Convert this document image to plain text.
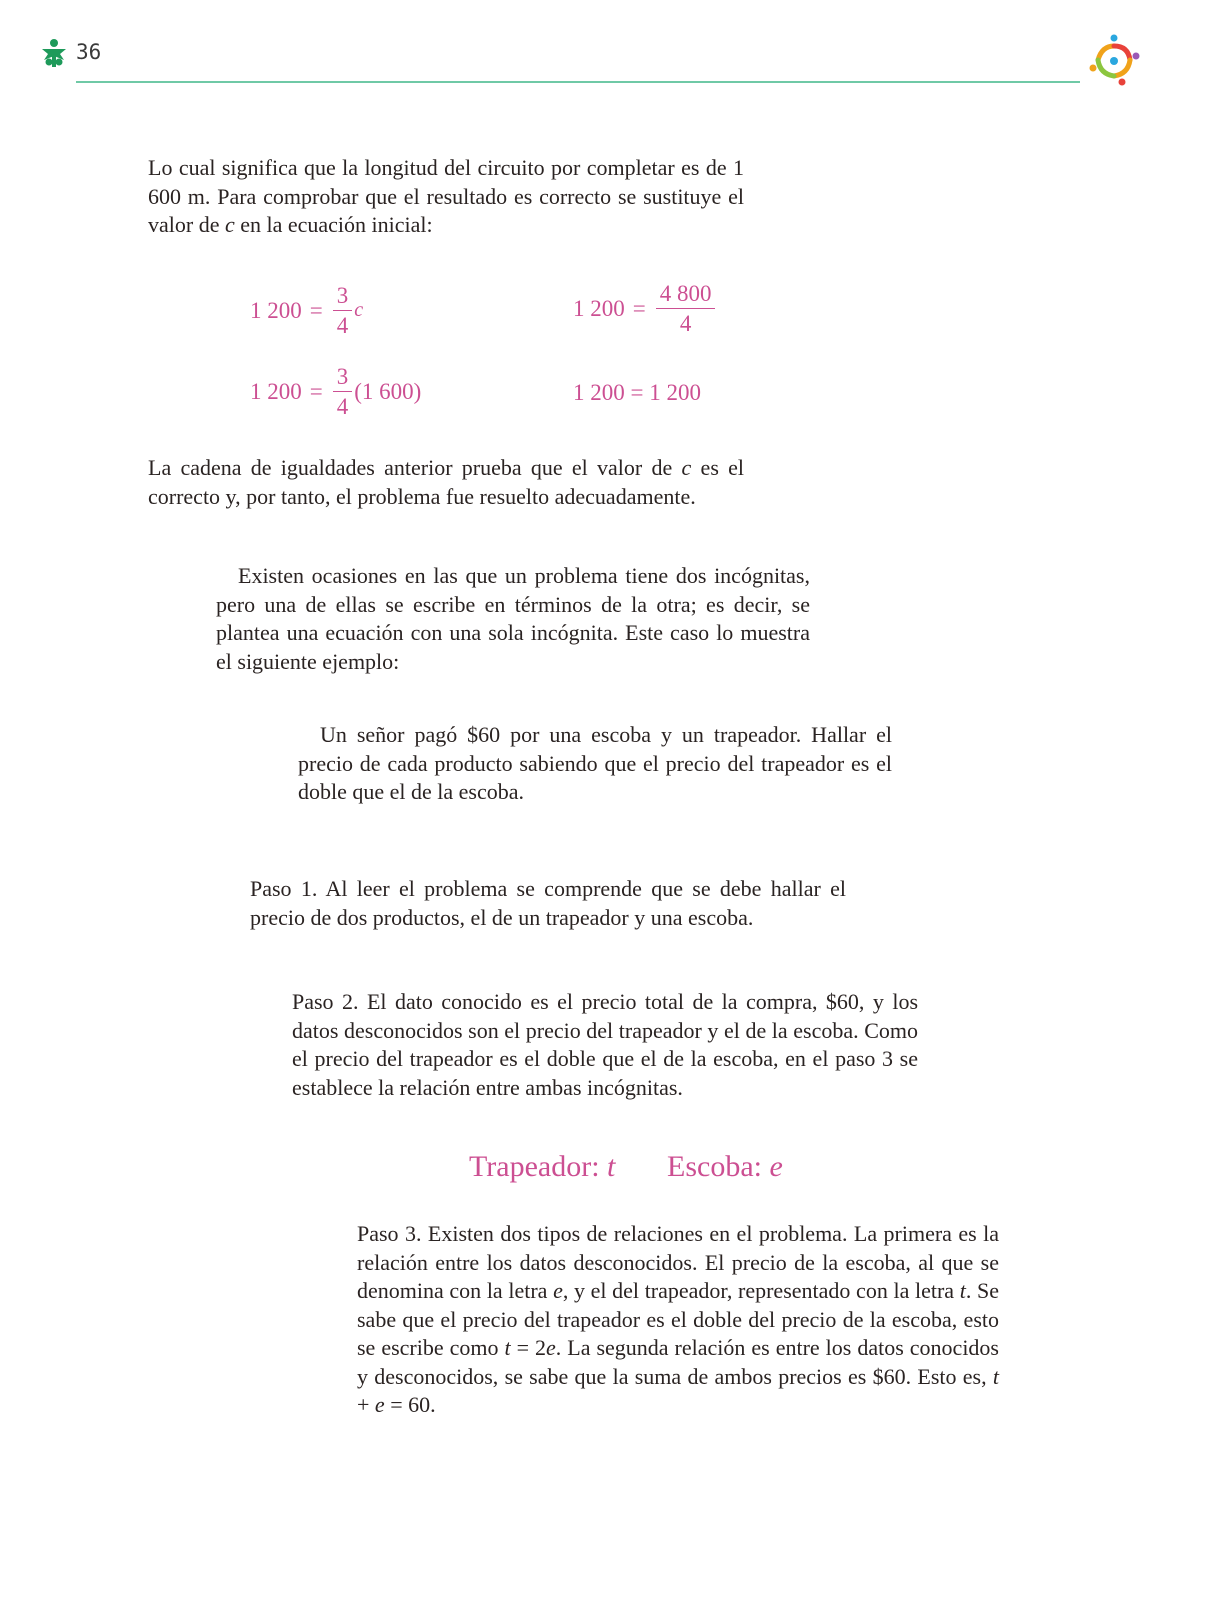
36

Lo cual significa que la longitud del circuito por completar es de 1 600 m. Para comprobar que el resultado es correcto se sustituye el valor de c en la ecuación inicial:

1 $200 = \frac{3}{4}$ c	1 $200 = \frac{4 800}{4}$
1 $200 = \frac{3}{4} (1$ 600)	1 200 = 1 200

La cadena de igualdades anterior prueba que el valor de c es el correcto y, por tanto, el problema fue resuelto adecuadamente.

Existen ocasiones en las que un problema tiene dos incógnitas, pero una de ellas se escribe en términos de la otra; es decir, se plantea una ecuación con una sola incógnita. Este caso lo muestra el siguiente ejemplo:

Un señor pagó $60 por una escoba y un trapeador. Hallar el precio de cada producto sabiendo que el precio del trapeador es el doble que el de la escoba.

Paso 1. Al leer el problema se comprende que se debe hallar el precio de dos productos, el de un trapeador y una escoba.

Paso 2. El dato conocido es el precio total de la compra, $60, y los datos desconocidos son el precio del trapeador y el de la escoba. Como el precio del trapeador es el doble que el de la escoba, en el paso 3 se establece la relación entre ambas incógnitas.

Trapeador: t Escoba: e

Paso 3. Existen dos tipos de relaciones en el problema. La primera es la relación entre los datos desconocidos. El precio de la escoba, al que se denomina con la letra e, y el del trapeador, representado con la letra t. Se sabe que el precio del trapeador es el doble del precio de la escoba, esto se escribe como t = 2e. La segunda relación es entre los datos conocidos y desconocidos, se sabe que la suma de ambos precios es $60. Esto es, t + e = 60.
